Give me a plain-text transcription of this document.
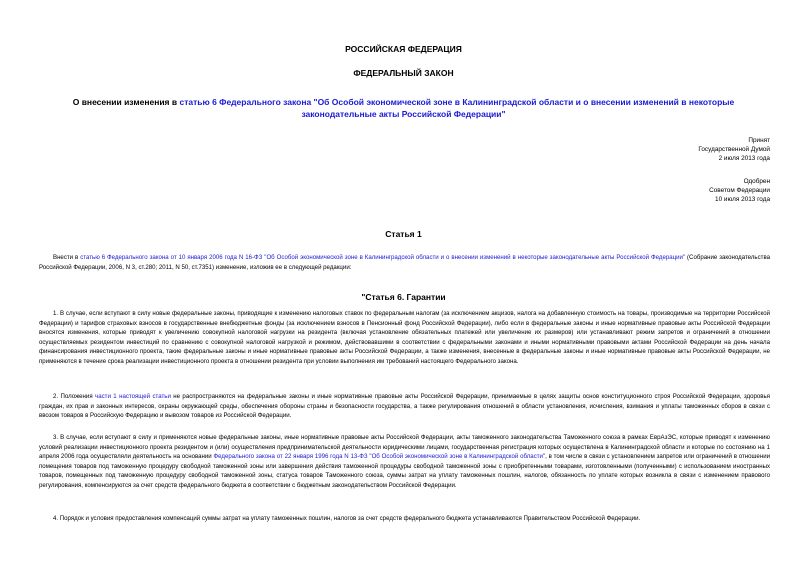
РОССИЙСКАЯ ФЕДЕРАЦИЯ
ФЕДЕРАЛЬНЫЙ ЗАКОН
О внесении изменения в статью 6 Федерального закона "Об Особой экономической зоне в Калининградской области и о внесении изменений в некоторые законодательные акты Российской Федерации"
Принят
Государственной Думой
2 июля 2013 года
Одобрен
Советом Федерации
10 июля 2013 года
Статья 1
Внести в статью 6 Федерального закона от 10 января 2006 года N 16-ФЗ "Об Особой экономической зоне в Калининградской области и о внесении изменений в некоторые законодательные акты Российской Федерации" (Собрание законодательства Российской Федерации, 2006, N 3, ст.280; 2011, N 50, ст.7351) изменение, изложив ее в следующей редакции:
"Статья 6. Гарантии
1. В случае, если вступают в силу новые федеральные законы, приводящие к изменению налоговых ставок по федеральным налогам (за исключением акцизов, налога на добавленную стоимость на товары, производимые на территории Российской Федерации) и тарифов страховых взносов в государственные внебюджетные фонды (за исключением взносов в Пенсионный фонд Российской Федерации), либо если в федеральные законы и иные нормативные правовые акты Российской Федерации вносятся изменения, которые приводят к увеличению совокупной налоговой нагрузки на резидента (включая установление обязательных платежей или увеличение их размеров) или устанавливают режим запретов и ограничений в отношении осуществляемых резидентом инвестиций по сравнению с совокупной налоговой нагрузкой и режимом, действовавшими в соответствии с федеральными законами и иными нормативными правовыми актами Российской Федерации на день начала финансирования инвестиционного проекта, такие федеральные законы и иные нормативные правовые акты Российской Федерации, а также изменения, внесенные в федеральные законы и иные нормативные правовые акты Российской Федерации, не применяются в течение срока реализации инвестиционного проекта в отношении резидента при условии выполнения им требований настоящего Федерального закона.
2. Положения части 1 настоящей статьи не распространяются на федеральные законы и иные нормативные правовые акты Российской Федерации, принимаемые в целях защиты основ конституционного строя Российской Федерации, здоровья граждан, их прав и законных интересов, охраны окружающей среды, обеспечения обороны страны и безопасности государства, а также регулирования отношений в области установления, исчисления, взимания и уплаты таможенных сборов в связи с ввозом товаров в Российскую Федерацию и вывозом товаров из Российской Федерации.
3. В случае, если вступают в силу и применяются новые федеральные законы, иные нормативные правовые акты Российской Федерации, акты таможенного законодательства Таможенного союза в рамках ЕврАзЭС, которые приводят к изменению условий реализации инвестиционного проекта резидентом и (или) осуществления предпринимательской деятельности юридическими лицами, государственная регистрация которых осуществлена в Калининградской области и которые по состоянию на 1 апреля 2006 года осуществляли деятельность на основании Федерального закона от 22 января 1996 года N 13-ФЗ "Об Особой экономической зоне в Калининградской области", в том числе в связи с установлением запретов или ограничений в отношении помещения товаров под таможенную процедуру свободной таможенной зоны или завершения действия таможенной процедуры свободной таможенной зоны с приобретенными товарами, изготовленными (полученными) с использованием иностранных товаров, помещенных под таможенную процедуру свободной таможенной зоны, статуса товаров Таможенного союза, суммы затрат на уплату таможенных пошлин, налогов, обязанность по уплате которых возникла в связи с изменением правового регулирования, компенсируются за счет средств федерального бюджета в соответствии с бюджетным законодательством Российской Федерации.
4. Порядок и условия предоставления компенсаций суммы затрат на уплату таможенных пошлин, налогов за счет средств федерального бюджета устанавливаются Правительством Российской Федерации.
